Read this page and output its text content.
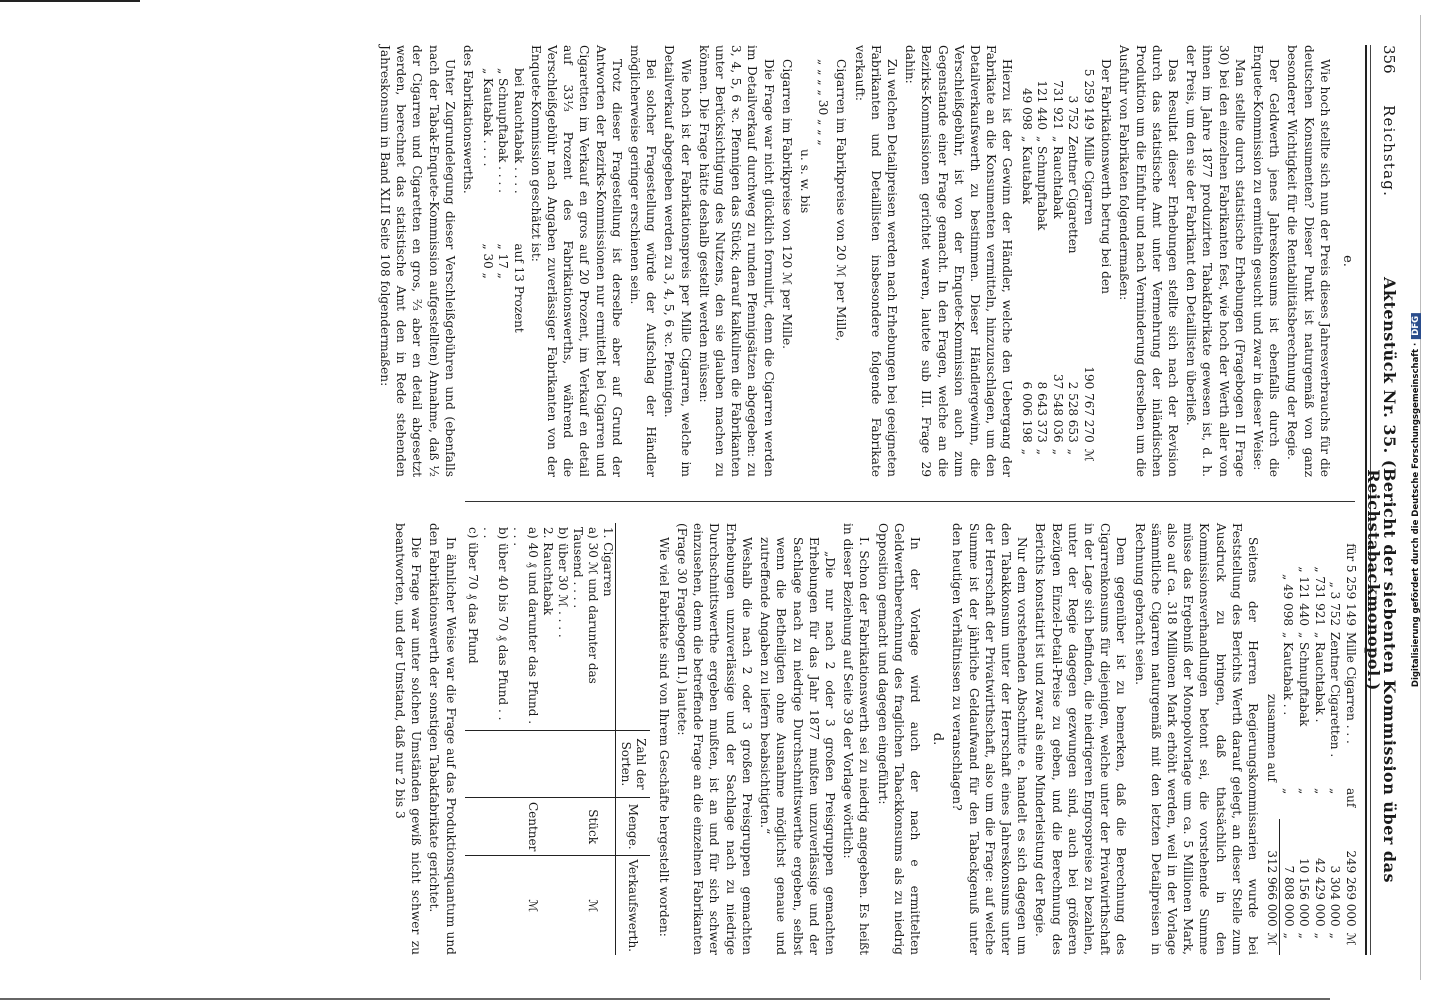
Digitalisierung gefördert durch die Deutsche Forschungsgemeinschaft ·DFG
356
Reichstag.
Aktenstück Nr. 35. (Bericht der siebenten Kommission über das Reichstabackmonopol.)
e.

Wie hoch stellte sich nun der Preis dieses Jahresverbrauchs für die deutschen Konsumenten? Dieser Punkt ist naturgemäß von ganz besonderer Wichtigkeit für die Rentabilitätsberechnung der Regie.

Der Geldwerth jenes Jahreskonsums ist ebenfalls durch die Enquete-Kommission zu ermitteln gesucht und zwar in dieser Weise:

Man stellte durch statistische Erhebungen (Fragebogen II Frage 30) bei den einzelnen Fabrikanten fest, wie hoch der Werth aller von ihnen im Jahre 1877 produzirten Tabakfabrikate gewesen ist, d. h. der Preis, um den sie der Fabrikant den Detaillisten überließ.

Das Resultat dieser Erhebungen stellte sich nach der Revision durch das statistische Amt unter Vermehrung der inländischen Produktion um die Einfuhr und nach Verminderung derselben um die Ausfuhr von Fabrikaten folgendermaßen:

Der Fabrikationswerth betrug bei den

5 259 149	Mille Cigarren		190 767 270	ℳ
3 752	Zentner Cigaretten		2 528 653	„
731 921	„ Rauchtabak		37 548 036	„
121 440	„ Schnupftabak		8 643 373	„
49 098	„ Kautabak		6 006 198	„

Hierzu ist der Gewinn der Händler, welche den Uebergang der Fabrikate an die Konsumenten vermitteln, hinzuzuschlagen, um den Detailverkaufswerth zu bestimmen. Dieser Händlergewinn, die Verschleißgebühr, ist von der Enquete-Kommission auch zum Gegenstande einer Frage gemacht. In den Fragen, welche an die Bezirks-Kommissionen gerichtet waren, lautete sub III. Frage 29 dahin:

Zu welchen Detailpreisen werden nach Erhebungen bei geeigneten Fabrikanten und Detaillisten insbesondere folgende Fabrikate verkauft:

Cigarren im Fabrikpreise von 20 ℳ per Mille,

„ „ „ „ 30 „ „ „

u. s. w. bis

Cigarren im Fabrikpreise von 120 ℳ per Mille.

Die Frage war nicht glücklich formulirt, denn die Cigarren werden im Detailverkauf durchweg zu runden Pfennigsätzen abgegeben: zu 3, 4, 5, 6 ꝛc. Pfennigen das Stück; darauf kalkuliren die Fabrikanten unter Berücksichtigung des Nutzens, den sie glauben machen zu können. Die Frage hätte deshalb gestellt werden müssen:

Wie hoch ist der Fabrikationspreis per Mille Cigarren, welche im Detailverkauf abgegeben werden zu 3, 4, 5, 6 ꝛc. Pfennigen.

Bei solcher Fragestellung würde der Aufschlag der Händler möglicherweise geringer erschienen sein.

Trotz dieser Fragestellung ist derselbe aber auf Grund der Antworten der Bezirks-Kommissionen nur ermittelt bei Cigarren und Cigaretten im Verkauf en gros auf 20 Prozent, im Verkauf en detail auf 33⅓ Prozent des Fabrikationswerths, während die Verschleißgebühr nach Angaben zuverlässiger Fabrikanten von der Enquete-Kommission geschätzt ist:

bei Rauchtabak . . . .	auf 13 Prozent
„ Schnupftabak . . . .	„ 17 „
„ Kautabak . . . .	„ 30 „

des Fabrikationswerths.

Unter Zugrundelegung dieser Verschleißgebühren und (ebenfalls nach der Tabak-Enquete-Kommission aufgestellten) Annahme, daß ½ der Cigarren und Cigaretten en gros, ⅔ aber en detail abgesetzt werden, berechnet das statistische Amt den in Rede stehenden Jahreskonsum in Band XLII Seite 108 folgendermaßen:

für 5 259 149	Mille Cigarren . . .	auf	249 269 000	ℳ
„ 3 752	Zentner Cigaretten .	„	3 304 000	„
„ 731 921	„ Rauchtabak .	„	42 429 000	„
„ 121 440	„ Schnupftabak	„	10 156 000	„
„ 49 098	„ Kautabak . .	„	7 808 000	„
	zusammen auf		312 966 000	ℳ

Seitens der Herren Regierungskommissarien wurde bei Feststellung des Berichts Werth darauf gelegt, an dieser Stelle zum Ausdruck zu bringen, daß thatsächlich in den Kommissionsverhandlungen betont sei, die vorstehende Summe müsse das Ergebniß der Monopolvorlage um ca. 5 Millionen Mark, also auf ca. 318 Millionen Mark erhöht werden, weil in der Vorlage sämmtliche Cigarren naturgemäß mit den letzten Detailpreisen in Rechnung gebracht seien.

Dem gegenüber ist zu bemerken, daß die Berechnung des Cigarrenkonsums für diejenigen, welche unter der Privatwirthschaft in der Lage sich befinden, die niedrigeren Engrospreise zu bezahlen, unter der Regie dagegen gezwungen sind, auch bei größeren Bezügen Einzel-Detail-Preise zu geben, und die Berechnung des Berichts konstatirt ist und zwar als eine Minderleistung der Regie.

Nur dem vorstehenden Abschnitte e. handelt es sich dagegen um den Tabakkonsum unter der Herrschaft eines Jahreskonsums unter der Herrschaft der Privatwirthschaft, also um die Frage: auf welche Summe ist der jährliche Geldaufwand für den Tabackgenuß unter den heutigen Verhältnissen zu veranschlagen?

d.

In der Vorlage wird auch der nach e ermittelten Geldwerthberechnung des fraglichen Tabackkonsums als zu niedrig Opposition gemacht und dagegen eingeführt:

I. Schon der Fabrikationswerth sei zu niedrig angegeben. Es heißt in dieser Beziehung auf Seite 39 der Vorlage wörtlich:

„Die nur nach 2 oder 3 großen Preisgruppen gemachten Erhebungen für das Jahr 1877 mußten unzuverlässige und der Sachlage nach zu niedrige Durchschnittswerthe ergeben, selbst wenn die Betheiligten ohne Ausnahme möglichst genaue und zutreffende Angaben zu liefern beabsichtigten.“

Weshalb die nach 2 oder 3 großen Preisgruppen gemachten Erhebungen unzuverlässige und der Sachlage nach zu niedrige Durchschnittswerthe ergeben mußten, ist an und für sich schwer einzusehen, denn die betreffende Frage an die einzelnen Fabrikanten (Frage 30 Fragebogen II.) lautete:

Wie viel Fabrikate sind von Ihrem Geschäfte hergestellt worden:

	Zahl der Sorten.	Menge.	Verkaufswerth.
1. Cigarren			
a) 30 ℳ und darunter das Tausend . . . .		Stück	ℳ
b) über 30 ℳ . . . .			
2. Rauchtabak			
a) 40 ₰ und darunter das Pfund . . . .		Centner	ℳ
b) über 40 bis 70 ₰ das Pfund . . . .			
c) über 70 ₰ das Pfund			

In ähnlicher Weise war die Frage auf das Produktionsquantum und den Fabrikationswerth der sonstigen Tabakfabrikate gerichtet.

Die Frage war unter solchen Umständen gewiß nicht schwer zu beantworten, und der Umstand, daß nur 2 bis 3
